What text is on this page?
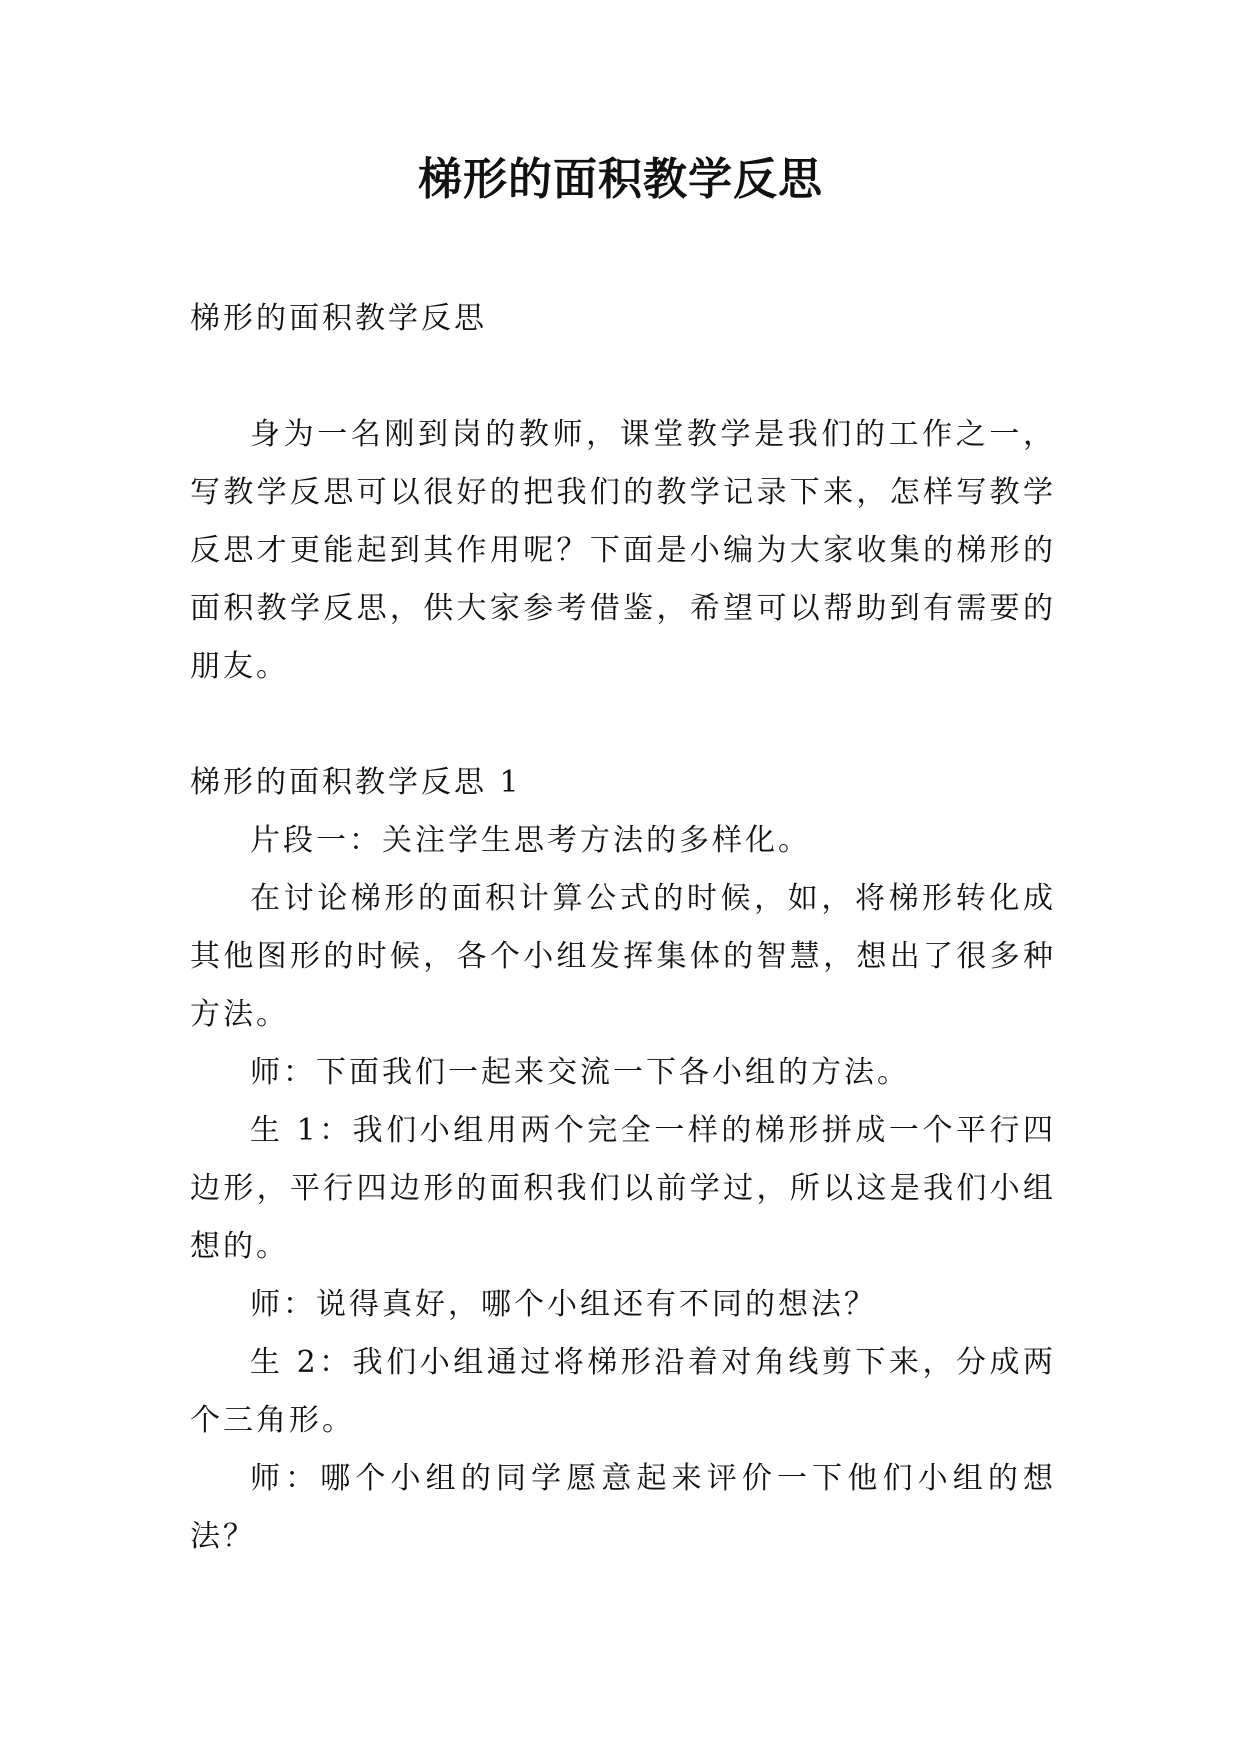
梯形的面积教学反思

梯形的面积教学反思

身为一名刚到岗的教师，课堂教学是我们的工作之一，写教学反思可以很好的把我们的教学记录下来，怎样写教学反思才更能起到其作用呢？下面是小编为大家收集的梯形的面积教学反思，供大家参考借鉴，希望可以帮助到有需要的朋友。

梯形的面积教学反思 1

片段一：关注学生思考方法的多样化。

在讨论梯形的面积计算公式的时候，如，将梯形转化成其他图形的时候，各个小组发挥集体的智慧，想出了很多种方法。

师：下面我们一起来交流一下各小组的方法。

生 1：我们小组用两个完全一样的梯形拼成一个平行四边形，平行四边形的面积我们以前学过，所以这是我们小组想的。

师：说得真好，哪个小组还有不同的想法？

生 2：我们小组通过将梯形沿着对角线剪下来，分成两个三角形。

师：哪个小组的同学愿意起来评价一下他们小组的想法？
